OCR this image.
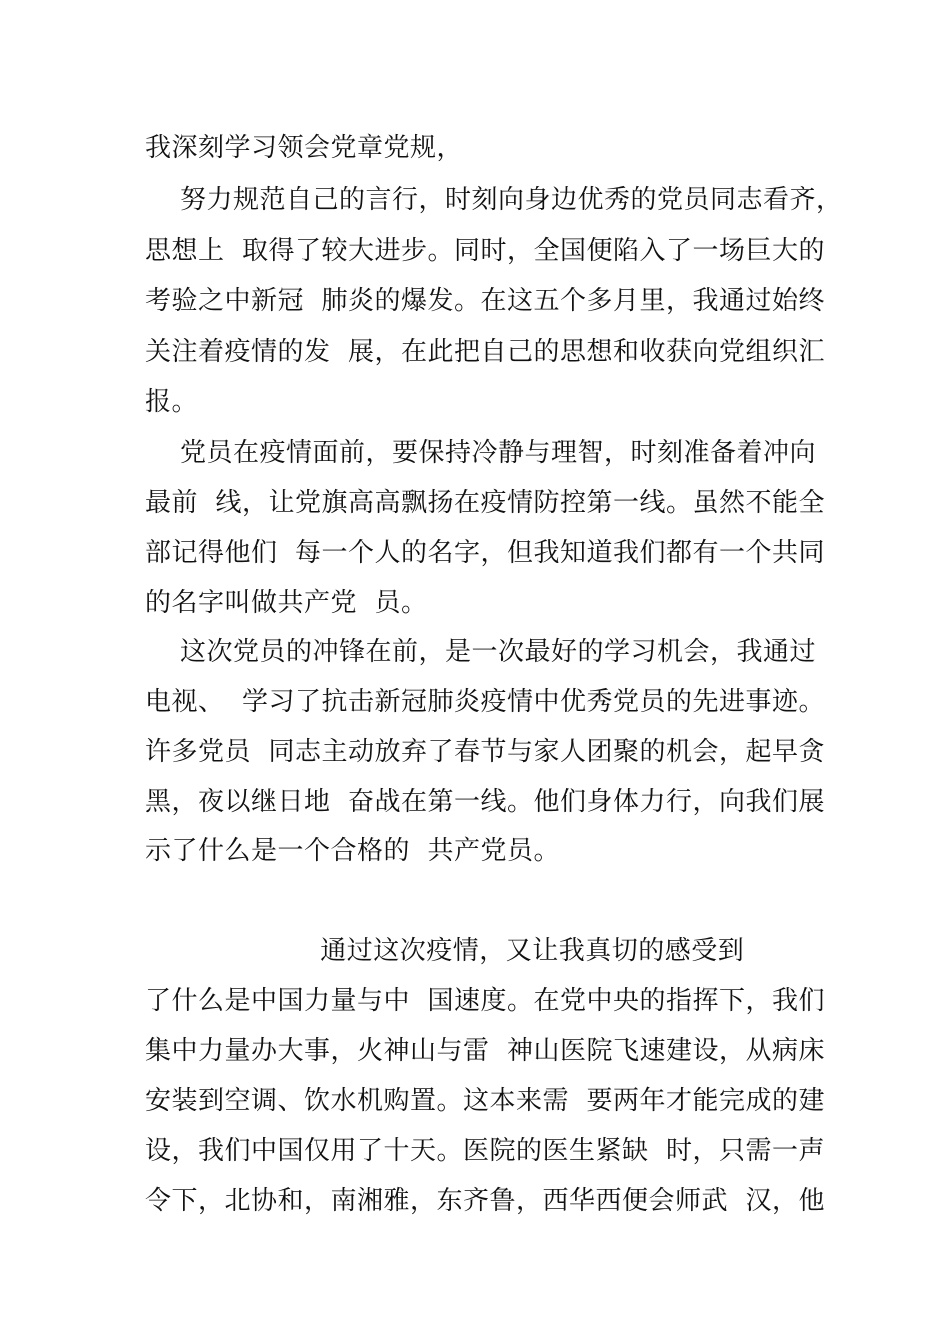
我深刻学习领会党章党规，
努力规范自己的言行，时刻向身边优秀的党员同志看齐，
思想上  取得了较大进步。同时，全国便陷入了一场巨大的
考验之中新冠  肺炎的爆发。在这五个多月里，我通过始终
关注着疫情的发  展，在此把自己的思想和收获向党组织汇
报。
党员在疫情面前，要保持冷静与理智，时刻准备着冲向
最前  线，让党旗高高飘扬在疫情防控第一线。虽然不能全
部记得他们  每一个人的名字，但我知道我们都有一个共同
的名字叫做共产党  员。
这次党员的冲锋在前，是一次最好的学习机会，我通过
电视、  学习了抗击新冠肺炎疫情中优秀党员的先进事迹。
许多党员  同志主动放弃了春节与家人团聚的机会，起早贪
黑，夜以继日地  奋战在第一线。他们身体力行，向我们展
示了什么是一个合格的  共产党员。
通过这次疫情，又让我真切的感受到
了什么是中国力量与中  国速度。在党中央的指挥下，我们
集中力量办大事，火神山与雷  神山医院飞速建设，从病床
安装到空调、饮水机购置。这本来需  要两年才能完成的建
设，我们中国仅用了十天。医院的医生紧缺  时，只需一声
令下，北协和，南湘雅，东齐鲁，西华西便会师武  汉，他
